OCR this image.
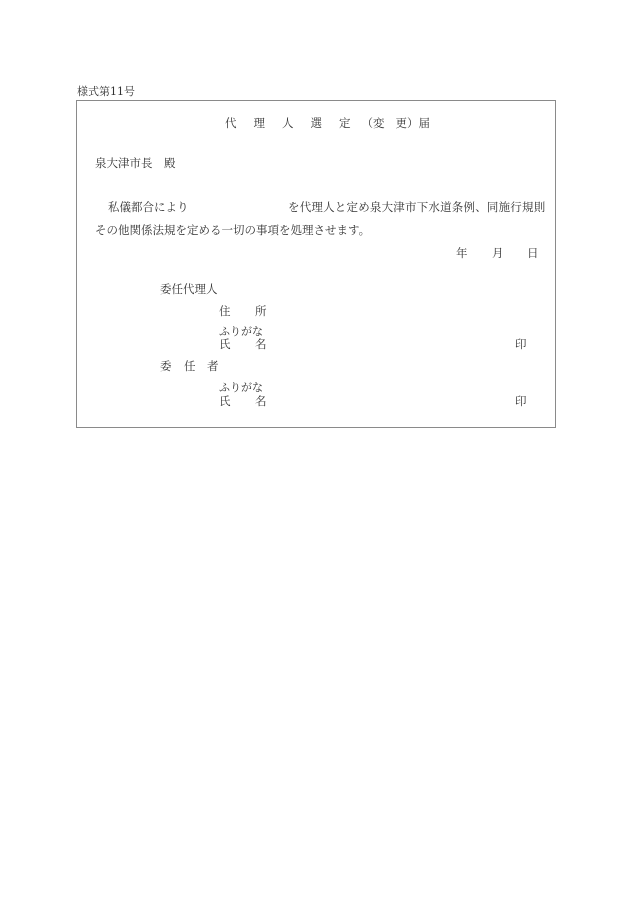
様式第11号
代 理 人 選 定 （変 更）届
泉大津市長　殿
私儀都合により	を代理人と定め泉大津市下水道条例、同施行規則
その他関係法規を定める一切の事項を処理させます。
年 月 日
委任代理人
住 所
ふりがな
氏 名	印
委 任 者
ふりがな
氏 名	印
